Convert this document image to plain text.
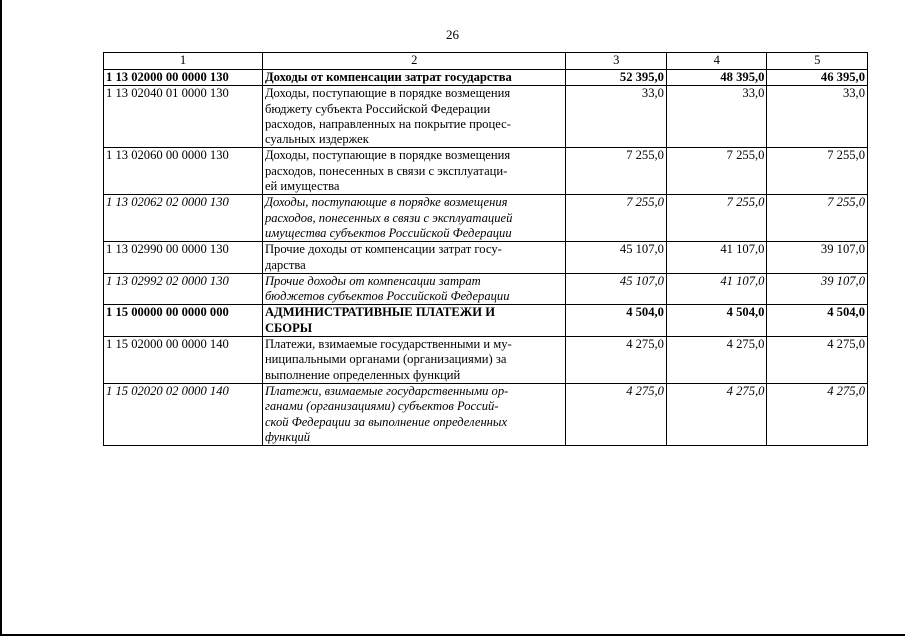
26
1	2	3	4	5
1 13 02000 00 0000 130	Доходы от компенсации затрат государства	52 395,0	48 395,0	46 395,0
1 13 02040 01 0000 130	Доходы, поступающие в порядке возмещения
бюджету субъекта Российской Федерации
расходов, направленных на покрытие процес-
суальных издержек	33,0	33,0	33,0
1 13 02060 00 0000 130	Доходы, поступающие в порядке возмещения
расходов, понесенных в связи с эксплуатаци-
ей имущества	7 255,0	7 255,0	7 255,0
1 13 02062 02 0000 130	Доходы, поступающие в порядке возмещения
расходов, понесенных в связи с эксплуатацией
имущества субъектов Российской Федерации	7 255,0	7 255,0	7 255,0
1 13 02990 00 0000 130	Прочие доходы от компенсации затрат госу-
дарства	45 107,0	41 107,0	39 107,0
1 13 02992 02 0000 130	Прочие доходы от компенсации затрат
бюджетов субъектов Российской Федерации	45 107,0	41 107,0	39 107,0
1 15 00000 00 0000 000	АДМИНИСТРАТИВНЫЕ ПЛАТЕЖИ И
СБОРЫ	4 504,0	4 504,0	4 504,0
1 15 02000 00 0000 140	Платежи, взимаемые государственными и му-
ниципальными органами (организациями) за
выполнение определенных функций	4 275,0	4 275,0	4 275,0
1 15 02020 02 0000 140	Платежи, взимаемые государственными ор-
ганами (организациями) субъектов Россий-
ской Федерации за выполнение определенных
функций	4 275,0	4 275,0	4 275,0
